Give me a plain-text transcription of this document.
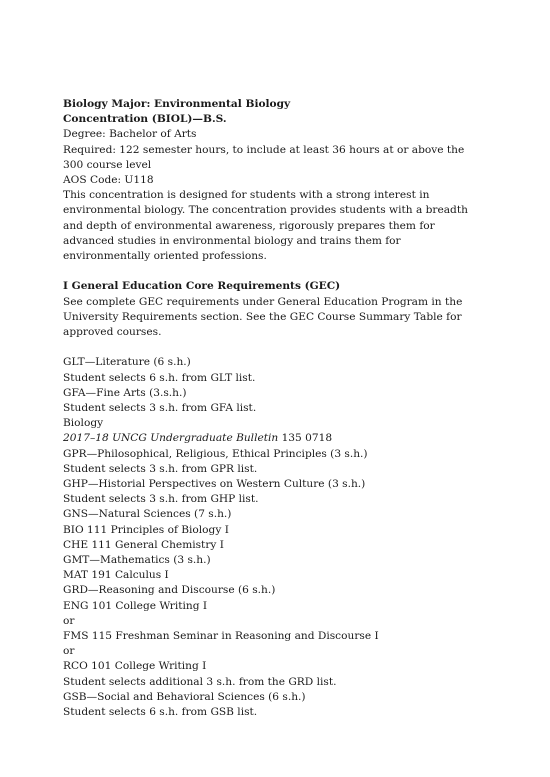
Biology Major: Environmental Biology
Concentration (BIOL)—B.S.
Degree: Bachelor of Arts

Required: 122 semester hours, to include at least 36 hours at or above the 300 course level

AOS Code: U118

This concentration is designed for students with a strong interest in environmental biology. The concentration provides students with a breadth and depth of environmental awareness, rigorously prepares them for advanced studies in environmental biology and trains them for environmentally oriented professions.

I General Education Core Requirements (GEC)

See complete GEC requirements under General Education Program in the University Requirements section. See the GEC Course Summary Table for approved courses.

GLT—Literature (6 s.h.)
Student selects 6 s.h. from GLT list.
GFA—Fine Arts (3.s.h.)
Student selects 3 s.h. from GFA list.
Biology
2017–18 UNCG Undergraduate Bulletin 135 0718
GPR—Philosophical, Religious, Ethical Principles (3 s.h.)
Student selects 3 s.h. from GPR list.
GHP—Historial Perspectives on Western Culture (3 s.h.)
Student selects 3 s.h. from GHP list.
GNS—Natural Sciences (7 s.h.)
BIO 111 Principles of Biology I
CHE 111 General Chemistry I
GMT—Mathematics (3 s.h.)
MAT 191 Calculus I
GRD—Reasoning and Discourse (6 s.h.)
ENG 101 College Writing I
or
FMS 115 Freshman Seminar in Reasoning and Discourse I
or
RCO 101 College Writing I
Student selects additional 3 s.h. from the GRD list.
GSB—Social and Behavioral Sciences (6 s.h.)
Student selects 6 s.h. from GSB list.
